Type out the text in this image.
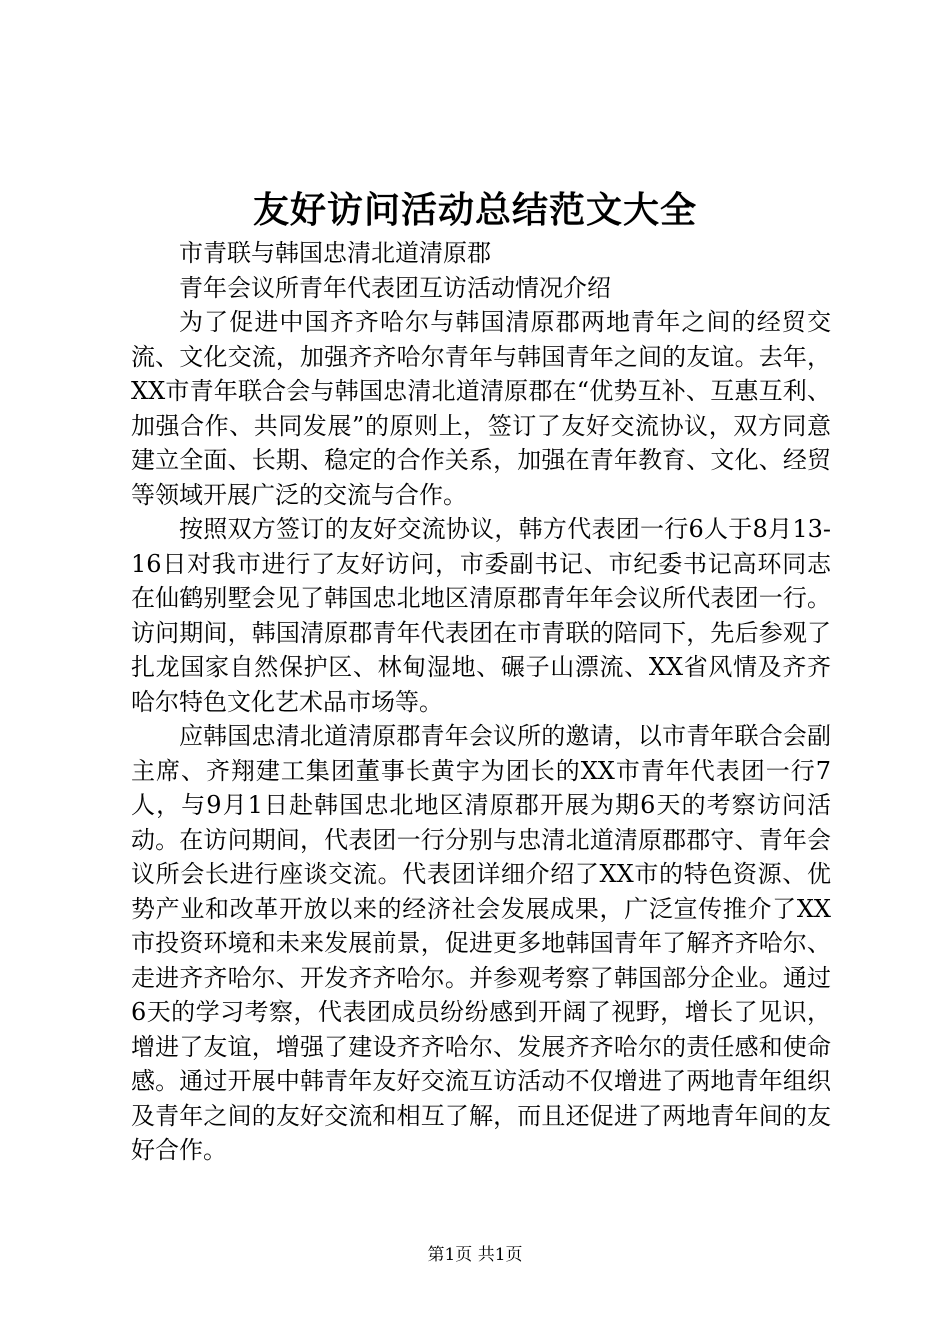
友好访问活动总结范文大全

市青联与韩国忠清北道清原郡

青年会议所青年代表团互访活动情况介绍

为了促进中国齐齐哈尔与韩国清原郡两地青年之间的经贸交流、文化交流，加强齐齐哈尔青年与韩国青年之间的友谊。去年，XX市青年联合会与韩国忠清北道清原郡在“优势互补、互惠互利、加强合作、共同发展”的原则上，签订了友好交流协议，双方同意建立全面、长期、稳定的合作关系，加强在青年教育、文化、经贸等领域开展广泛的交流与合作。

按照双方签订的友好交流协议，韩方代表团一行6人于8月13-16日对我市进行了友好访问，市委副书记、市纪委书记高环同志在仙鹤别墅会见了韩国忠北地区清原郡青年年会议所代表团一行。访问期间，韩国清原郡青年代表团在市青联的陪同下，先后参观了扎龙国家自然保护区、林甸湿地、碾子山漂流、XX省风情及齐齐哈尔特色文化艺术品市场等。

应韩国忠清北道清原郡青年会议所的邀请，以市青年联合会副主席、齐翔建工集团董事长黄宇为团长的XX市青年代表团一行7人，与9月1日赴韩国忠北地区清原郡开展为期6天的考察访问活动。在访问期间，代表团一行分别与忠清北道清原郡郡守、青年会议所会长进行座谈交流。代表团详细介绍了XX市的特色资源、优势产业和改革开放以来的经济社会发展成果，广泛宣传推介了XX市投资环境和未来发展前景，促进更多地韩国青年了解齐齐哈尔、走进齐齐哈尔、开发齐齐哈尔。并参观考察了韩国部分企业。通过6天的学习考察，代表团成员纷纷感到开阔了视野，增长了见识，增进了友谊，增强了建设齐齐哈尔、发展齐齐哈尔的责任感和使命感。通过开展中韩青年友好交流互访活动不仅增进了两地青年组织及青年之间的友好交流和相互了解，而且还促进了两地青年间的友好合作。

第1页 共1页
